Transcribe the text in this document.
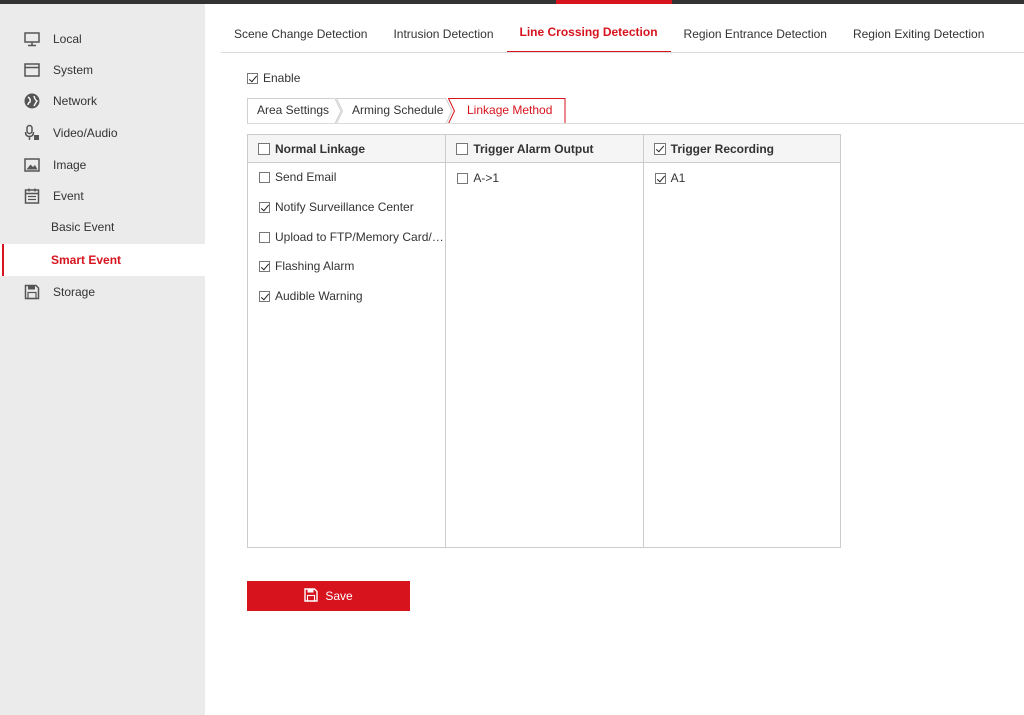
Local
System
Network
Video/Audio
Image
Event
Basic Event
Smart Event
Storage
Scene Change Detection	Intrusion Detection	Line Crossing Detection	Region Entrance Detection	Region Exiting Detection
Enable
Area Settings Arming Schedule Linkage Method
Normal Linkage
Send Email
Notify Surveillance Center
Upload to FTP/Memory Card/…
Flashing Alarm
Audible Warning
Trigger Alarm Output
A->1
Trigger Recording
A1
Save
